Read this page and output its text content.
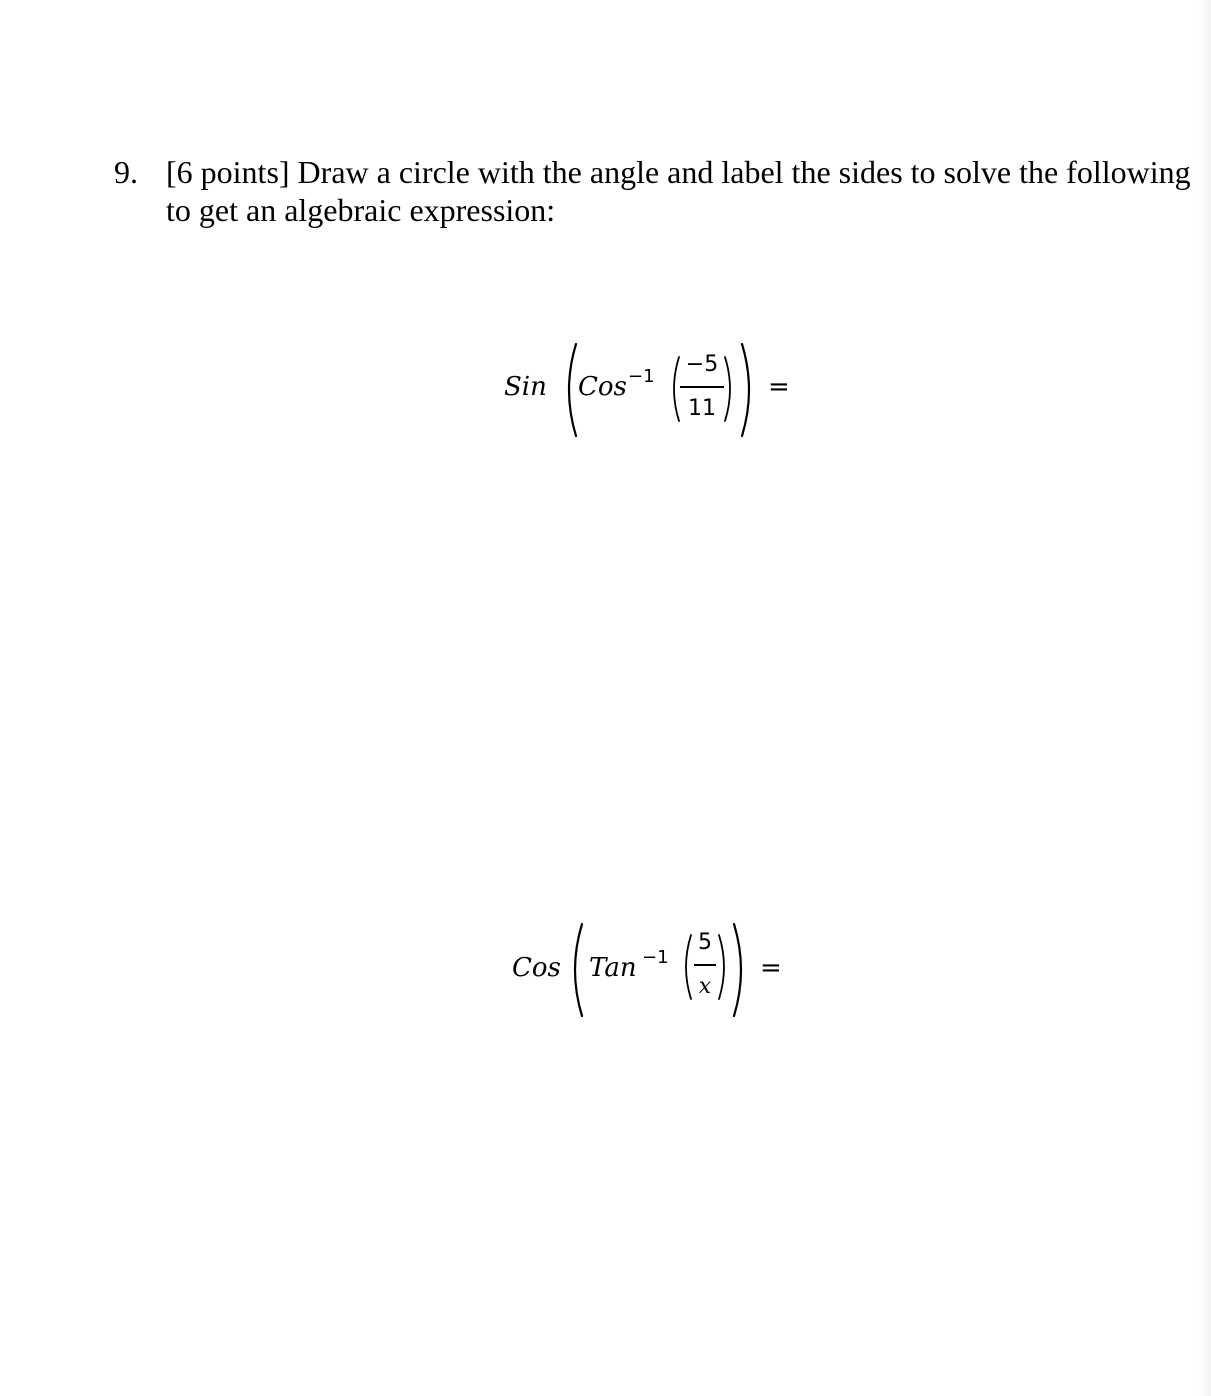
9. [6 points] Draw a circle with the angle and label the sides to solve the following
to get an algebraic expression:
Sin Cos −1 −5
11
=
Cos Tan −1
5
x
=
